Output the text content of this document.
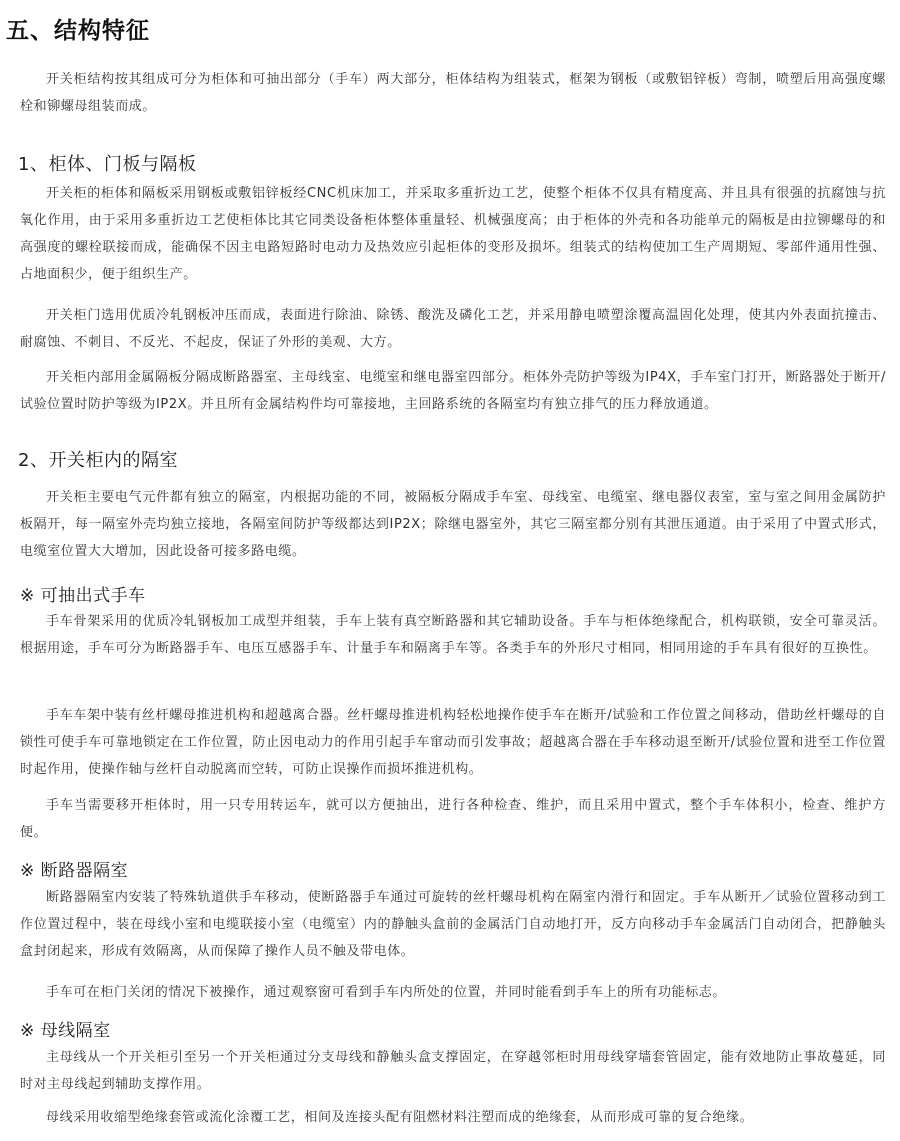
五、结构特征

开关柜结构按其组成可分为柜体和可抽出部分（手车）两大部分，柜体结构为组装式，框架为钢板（或敷铝锌板）弯制，喷塑后用高强度螺栓和铆螺母组装而成。

1、柜体、门板与隔板

开关柜的柜体和隔板采用钢板或敷铝锌板经CNC机床加工，并采取多重折边工艺，使整个柜体不仅具有精度高、并且具有很强的抗腐蚀与抗氧化作用，由于采用多重折边工艺使柜体比其它同类设备柜体整体重量轻、机械强度高；由于柜体的外壳和各功能单元的隔板是由拉铆螺母的和高强度的螺栓联接而成，能确保不因主电路短路时电动力及热效应引起柜体的变形及损坏。组装式的结构使加工生产周期短、零部件通用性强、占地面积少，便于组织生产。

开关柜门选用优质冷轧钢板冲压而成，表面进行除油、除锈、酸洗及磷化工艺，并采用静电喷塑涂覆高温固化处理，使其内外表面抗撞击、耐腐蚀、不刺目、不反光、不起皮，保证了外形的美观、大方。

开关柜内部用金属隔板分隔成断路器室、主母线室、电缆室和继电器室四部分。柜体外壳防护等级为IP4X，手车室门打开，断路器处于断开/试验位置时防护等级为IP2X。并且所有金属结构件均可靠接地，主回路系统的各隔室均有独立排气的压力释放通道。

2、开关柜内的隔室

开关柜主要电气元件都有独立的隔室，内根据功能的不同，被隔板分隔成手车室、母线室、电缆室、继电器仪表室，室与室之间用金属防护板隔开，每一隔室外壳均独立接地，各隔室间防护等级都达到IP2X；除继电器室外，其它三隔室都分别有其泄压通道。由于采用了中置式形式，电缆室位置大大增加，因此设备可接多路电缆。

※ 可抽出式手车

手车骨架采用的优质冷轧钢板加工成型并组装，手车上装有真空断路器和其它辅助设备。手车与柜体绝缘配合，机构联锁，安全可靠灵活。根据用途，手车可分为断路器手车、电压互感器手车、计量手车和隔离手车等。各类手车的外形尺寸相同，相同用途的手车具有很好的互换性。

手车车架中装有丝杆螺母推进机构和超越离合器。丝杆螺母推进机构轻松地操作使手车在断开/试验和工作位置之间移动，借助丝杆螺母的自锁性可使手车可靠地锁定在工作位置，防止因电动力的作用引起手车窜动而引发事故；超越离合器在手车移动退至断开/试验位置和进至工作位置时起作用，使操作轴与丝杆自动脱离而空转，可防止误操作而损坏推进机构。

手车当需要移开柜体时，用一只专用转运车，就可以方便抽出，进行各种检查、维护，而且采用中置式，整个手车体积小，检查、维护方便。

※ 断路器隔室

断路器隔室内安装了特殊轨道供手车移动，使断路器手车通过可旋转的丝杆螺母机构在隔室内滑行和固定。手车从断开／试验位置移动到工作位置过程中，装在母线小室和电缆联接小室（电缆室）内的静触头盒前的金属活门自动地打开，反方向移动手车金属活门自动闭合，把静触头盒封闭起来，形成有效隔离，从而保障了操作人员不触及带电体。

手车可在柜门关闭的情况下被操作，通过观察窗可看到手车内所处的位置，并同时能看到手车上的所有功能标志。

※ 母线隔室

主母线从一个开关柜引至另一个开关柜通过分支母线和静触头盒支撑固定，在穿越邻柜时用母线穿墙套管固定，能有效地防止事故蔓延，同时对主母线起到辅助支撑作用。

母线采用收缩型绝缘套管或流化涂覆工艺，相间及连接头配有阻燃材料注塑而成的绝缘套，从而形成可靠的复合绝缘。
